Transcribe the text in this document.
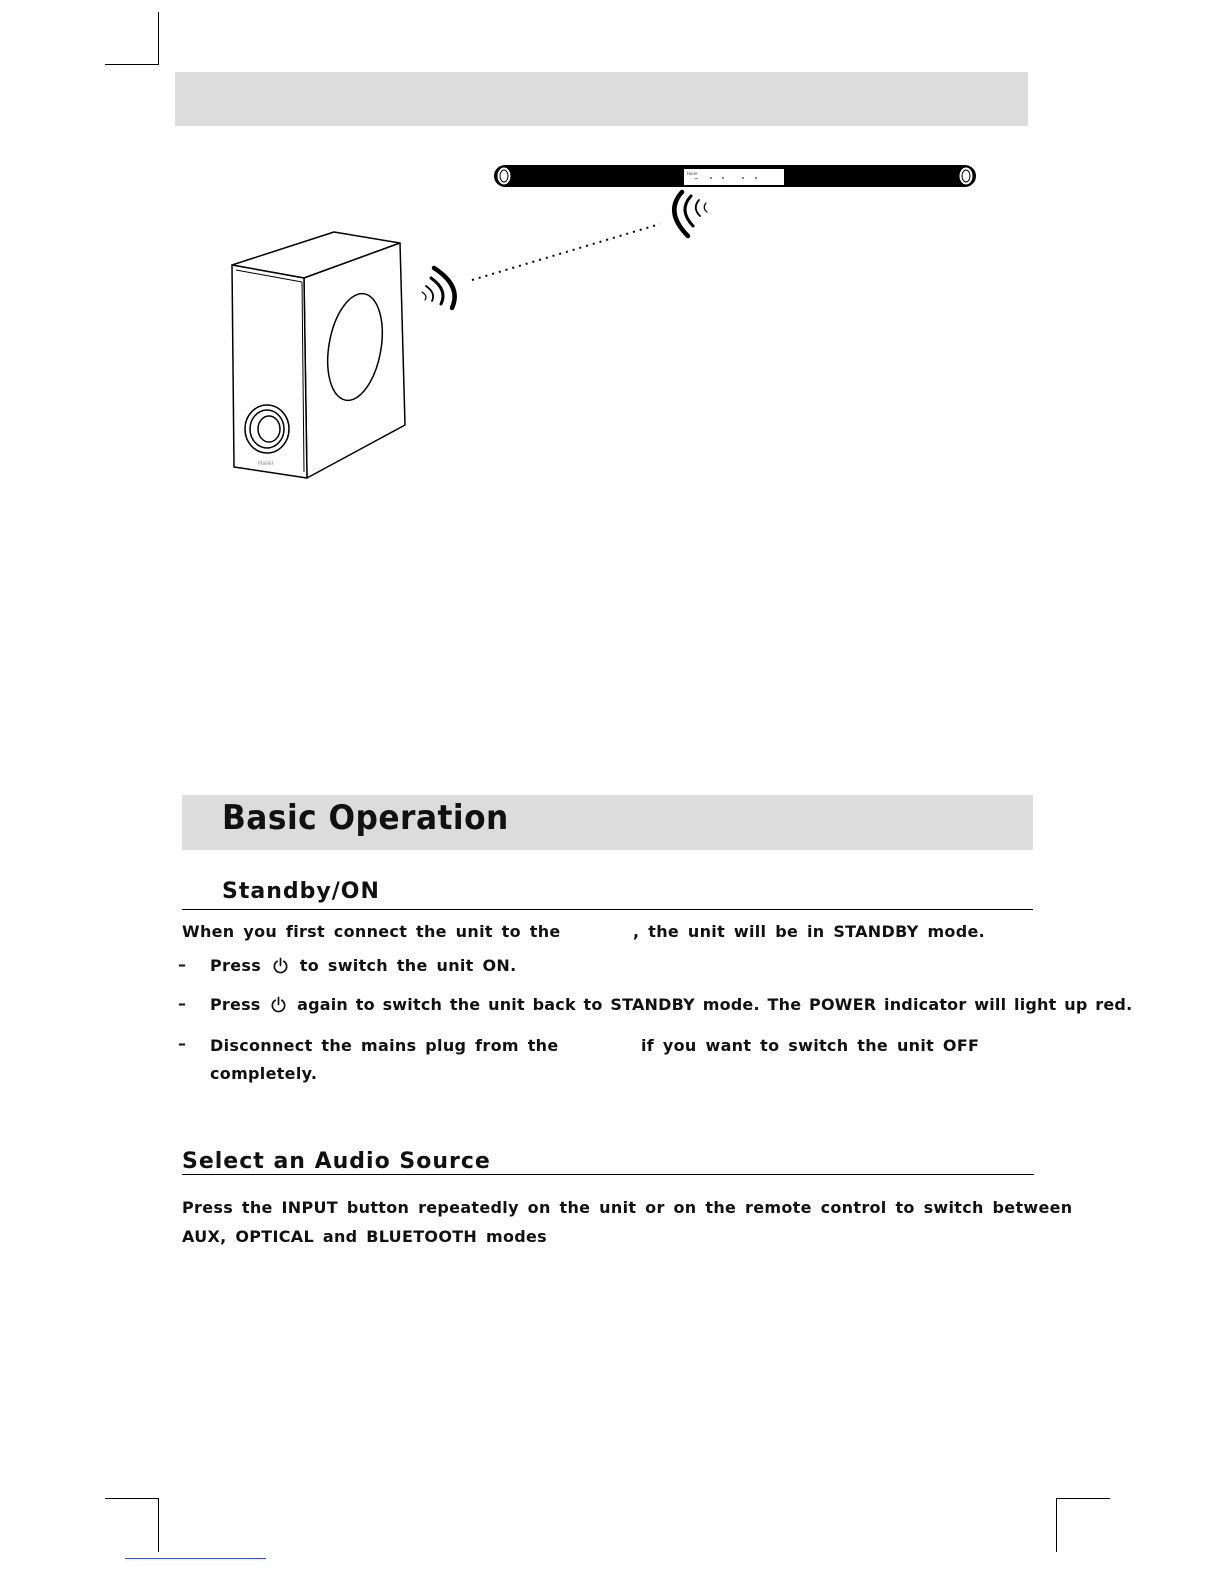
Haier
Haier
Basic Operation
Standby/ON
When you first connect the unit to the	, the unit will be in STANDBY mode.
– Press to switch the unit ON.
– Press again to switch the unit back to STANDBY mode. The POWER indicator will light up red.
– Disconnect the mains plug from the	if you want to switch the unit OFF
completely.
Select an Audio Source
Press the INPUT button repeatedly on the unit or on the remote control to switch between
AUX, OPTICAL and BLUETOOTH modes
